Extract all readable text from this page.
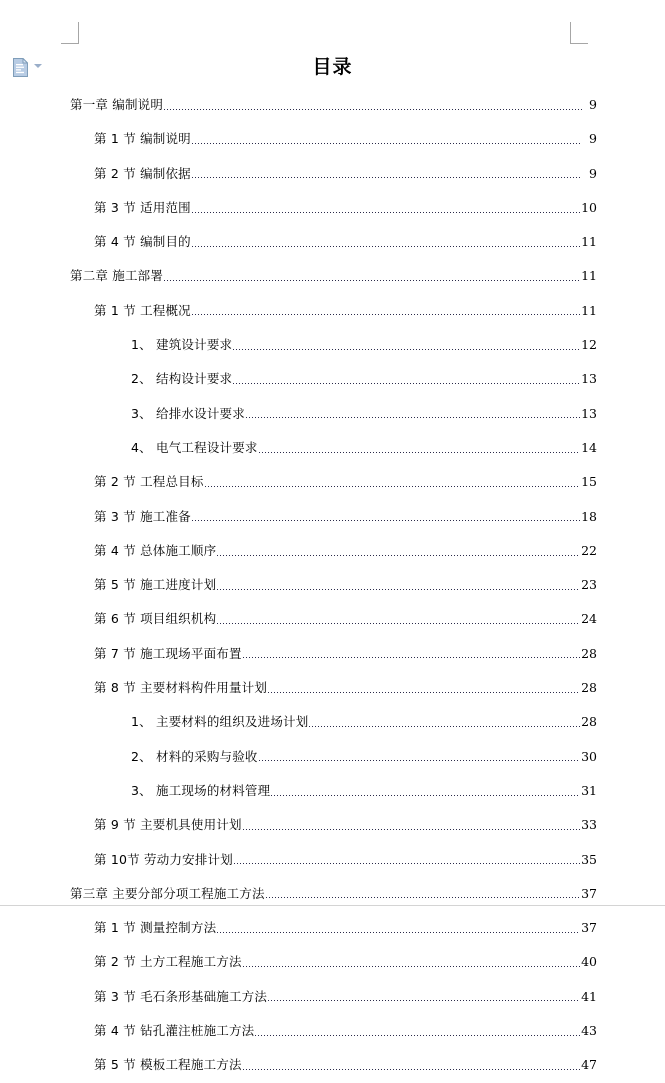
目录
第一章 编制说明	9
第 1 节 编制说明	9
第 2 节 编制依据	9
第 3 节 适用范围	10
第 4 节 编制目的	11
第二章 施工部署	11
第 1 节 工程概况	11
1、 建筑设计要求	12
2、 结构设计要求	13
3、 给排水设计要求	13
4、 电气工程设计要求	14
第 2 节 工程总目标	15
第 3 节 施工准备	18
第 4 节 总体施工顺序	22
第 5 节 施工进度计划	23
第 6 节 项目组织机构	24
第 7 节 施工现场平面布置	28
第 8 节 主要材料构件用量计划	28
1、 主要材料的组织及进场计划	28
2、 材料的采购与验收	30
3、 施工现场的材料管理	31
第 9 节 主要机具使用计划	33
第 10节 劳动力安排计划	35
第三章 主要分部分项工程施工方法	37
第 1 节 测量控制方法	37
第 2 节 土方工程施工方法	40
第 3 节 毛石条形基础施工方法	41
第 4 节 钻孔灌注桩施工方法	43
第 5 节 模板工程施工方法	47
